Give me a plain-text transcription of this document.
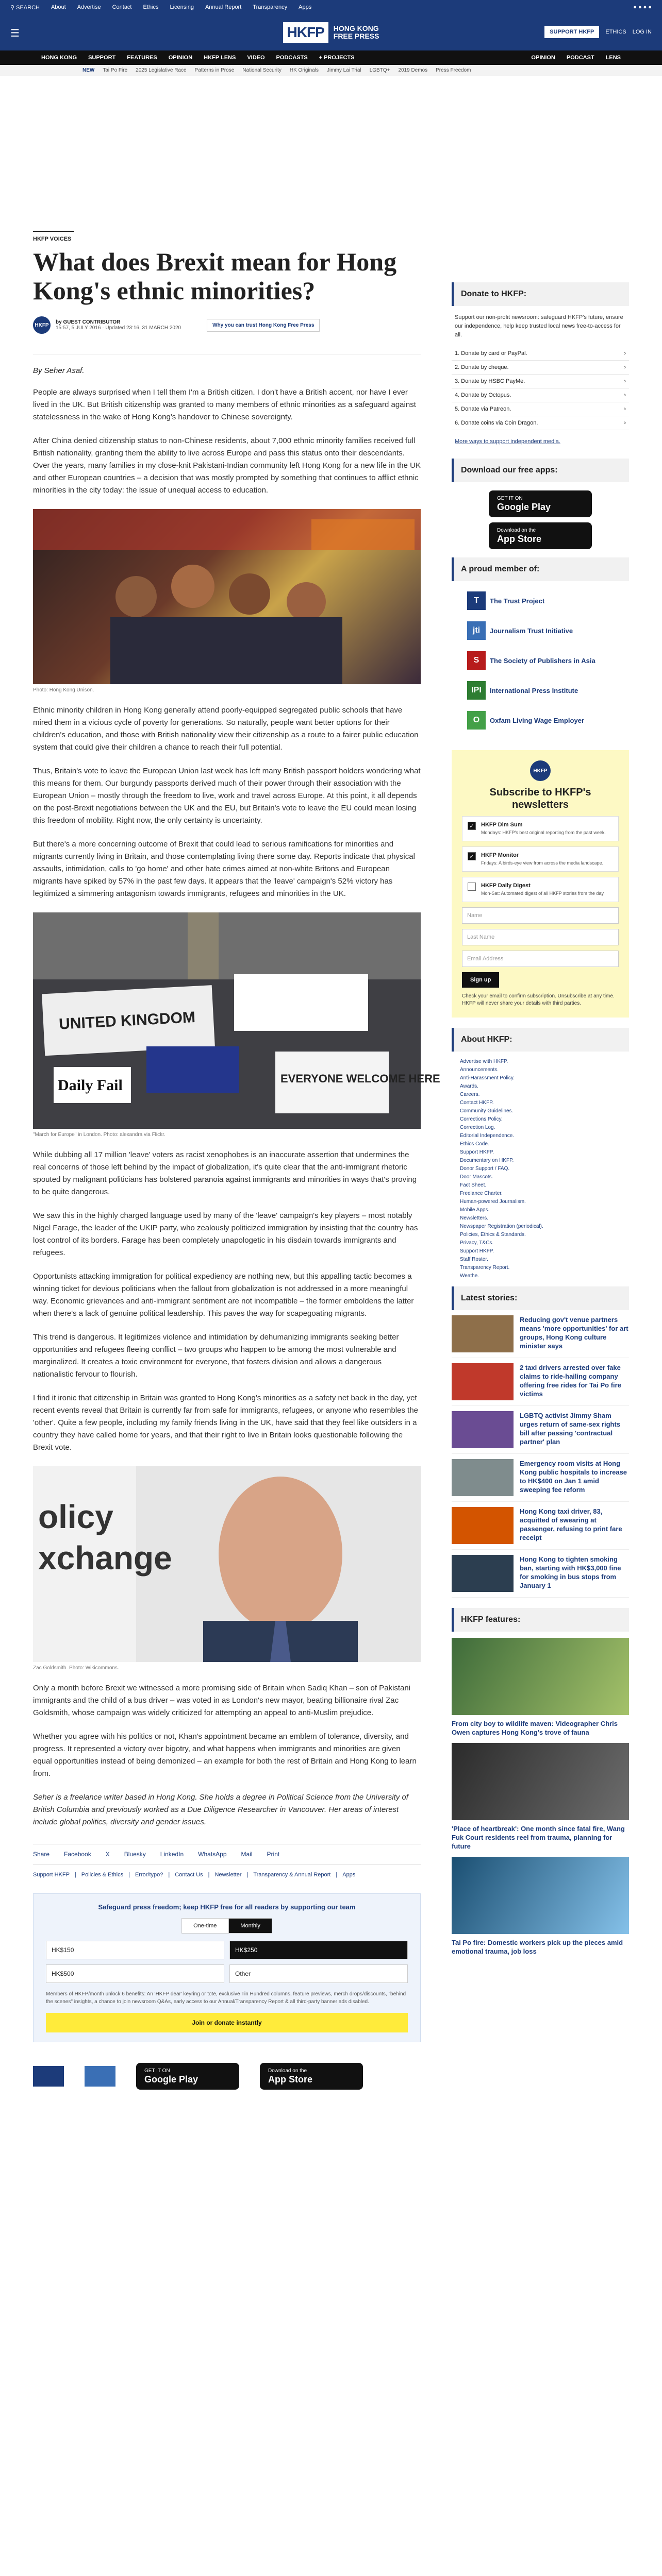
⚲ SEARCH About Advertise Contact Ethics Licensing Annual Report Transparency Apps	● ● ● ●
☰	HKFP	HONG KONG
FREE PRESS	SUPPORT HKFP	ETHICS LOG IN
HONG KONG SUPPORT FEATURES OPINION HKFP LENS VIDEO PODCASTS + PROJECTS	OPINION PODCAST LENS
NEW Tai Po Fire 2025 Legislative Race Patterns in Prose National Security HK Originals Jimmy Lai Trial LGBTQ+ 2019 Demos Press Freedom
HKFP VOICES
What does Brexit mean for Hong Kong's ethnic minorities?
HKFP	by GUEST CONTRIBUTOR
15:57, 5 JULY 2016 · Updated 23:16, 31 MARCH 2020	Why you can trust Hong Kong Free Press
By Seher Asaf.

People are always surprised when I tell them I'm a British citizen. I don't have a British accent, nor have I ever lived in the UK. But British citizenship was granted to many members of ethnic minorities as a safeguard against statelessness in the wake of Hong Kong's handover to Chinese sovereignty.

After China denied citizenship status to non-Chinese residents, about 7,000 ethnic minority families received full British nationality, granting them the ability to live across Europe and pass this status onto their descendants. Over the years, many families in my close-knit Pakistani-Indian community left Hong Kong for a new life in the UK and other European countries – a decision that was mostly prompted by something that continues to afflict ethnic minorities in the city today: the issue of unequal access to education.

Photo: Hong Kong Unison.

Ethnic minority children in Hong Kong generally attend poorly-equipped segregated public schools that have mired them in a vicious cycle of poverty for generations. So naturally, people want better options for their children's education, and those with British nationality view their citizenship as a route to a fairer public education system that could give their children a chance to reach their full potential.

Thus, Britain's vote to leave the European Union last week has left many British passport holders wondering what this means for them. Our burgundy passports derived much of their power through their association with the European Union – mostly through the freedom to live, work and travel across Europe. At this point, it all depends on the post-Brexit negotiations between the UK and the EU, but Britain's vote to leave the EU could mean losing this freedom of mobility. Right now, the only certainty is uncertainty.

But there's a more concerning outcome of Brexit that could lead to serious ramifications for minorities and migrants currently living in Britain, and those contemplating living there some day. Reports indicate that physical assaults, intimidation, calls to 'go home' and other hate crimes aimed at non-white Britons and European migrants have spiked by 57% in the past few days. It appears that the 'leave' campaign's 52% victory has legitimized a simmering antagonism towards immigrants, refugees and minorities in the UK.

UNITED KINGDOM
EVERYONE WELCOME HERE
Daily Fail
"March for Europe" in London. Photo: alexandra via Flickr.

While dubbing all 17 million 'leave' voters as racist xenophobes is an inaccurate assertion that undermines the real concerns of those left behind by the impact of globalization, it's quite clear that the anti-immigrant rhetoric spouted by malignant politicians has bolstered paranoia against immigrants and minorities in ways that's proving to be quite dangerous.

We saw this in the highly charged language used by many of the 'leave' campaign's key players – most notably Nigel Farage, the leader of the UKIP party, who zealously politicized immigration by insisting that the country has lost control of its borders. Farage has been completely unapologetic in his disdain towards immigrants and refugees.

Opportunists attacking immigration for political expediency are nothing new, but this appalling tactic becomes a winning ticket for devious politicians when the fallout from globalization is not addressed in a more meaningful way. Economic grievances and anti-immigrant sentiment are not incompatible – the former emboldens the latter when there's a lack of genuine political leadership. This paves the way for scapegoating migrants.

This trend is dangerous. It legitimizes violence and intimidation by dehumanizing immigrants seeking better opportunities and refugees fleeing conflict – two groups who happen to be among the most vulnerable and marginalized. It creates a toxic environment for everyone, that fosters division and allows a dangerous nationalistic fervour to flourish.

I find it ironic that citizenship in Britain was granted to Hong Kong's minorities as a safety net back in the day, yet recent events reveal that Britain is currently far from safe for immigrants, refugees, or anyone who resembles the 'other'. Quite a few people, including my family friends living in the UK, have said that they feel like outsiders in a country they have called home for years, and that their right to live in Britain looks questionable following the Brexit vote.

olicy
xchange
Zac Goldsmith. Photo: Wikicommons.

Only a month before Brexit we witnessed a more promising side of Britain when Sadiq Khan – son of Pakistani immigrants and the child of a bus driver – was voted in as London's new mayor, beating billionaire rival Zac Goldsmith, whose campaign was widely criticized for attempting an appeal to anti-Muslim prejudice.

Whether you agree with his politics or not, Khan's appointment became an emblem of tolerance, diversity, and progress. It represented a victory over bigotry, and what happens when immigrants and minorities are given equal opportunities instead of being demonized – an example for both the rest of Britain and Hong Kong to learn from.

Seher is a freelance writer based in Hong Kong. She holds a degree in Political Science from the University of British Columbia and previously worked as a Due Diligence Researcher in Vancouver. Her areas of interest include global politics, diversity and gender issues.

Share Facebook X Bluesky LinkedIn WhatsApp Mail Print
Support HKFP | Policies & Ethics | Error/typo? | Contact Us | Newsletter | Transparency & Annual Report | Apps
Safeguard press freedom; keep HKFP free for all readers by supporting our team
One-time	Monthly
HK$150	HK$250
HK$500	Other
Members of HKFP/month unlock 6 benefits: An 'HKFP dear' keyring or tote, exclusive Tin Hundred columns, feature previews, merch drops/discounts, "behind the scenes" insights, a chance to join newsroom Q&As, early access to our Annual/Transparency Report & all third-party banner ads disabled.
Join or donate instantly
GET IT ON
Google Play
Download on the
App Store
Donate to HKFP:
Support our non-profit newsroom: safeguard HKFP's future, ensure our independence, help keep trusted local news free-to-access for all.
1. Donate by card or PayPal.	›
2. Donate by cheque.	›
3. Donate by HSBC PayMe.	›
4. Donate by Octopus.	›
5. Donate via Patreon.	›
6. Donate coins via Coin Dragon.	›
More ways to support independent media.
Download our free apps:
GET IT ON
Google Play
Download on the
App Store
A proud member of:
T	The Trust Project
jti	Journalism Trust Initiative
S	The Society of Publishers in Asia
IPI	International Press Institute
O	Oxfam Living Wage Employer
HKFP
Subscribe to HKFP's newsletters
✓	HKFP Dim Sum
Mondays: HKFP's best original reporting from the past week.
✓	HKFP Monitor
Fridays: A birds-eye view from across the media landscape.
HKFP Daily Digest
Mon-Sat: Automated digest of all HKFP stories from the day.
Name
Last Name
Email Address
Sign up
Check your email to confirm subscription. Unsubscribe at any time. HKFP will never share your details with third parties.
About HKFP:
Advertise with HKFP.
Announcements.
Anti-Harassment Policy.
Awards.
Careers.
Contact HKFP.
Community Guidelines.
Corrections Policy.
Correction Log.
Editorial Independence.
Ethics Code.
Support HKFP.
Documentary on HKFP.
Donor Support / FAQ.
Door Mascots.
Fact Sheet.
Freelance Charter.
Human-powered Journalism.
Mobile Apps.
Newsletters.
Newspaper Registration (periodical).
Policies, Ethics & Standards.
Privacy, T&Cs.
Support HKFP.
Staff Roster.
Transparency Report.
Weathe.
Latest stories:
Reducing gov't venue partners means 'more opportunities' for art groups, Hong Kong culture minister says
2 taxi drivers arrested over fake claims to ride-hailing company offering free rides for Tai Po fire victims
LGBTQ activist Jimmy Sham urges return of same-sex rights bill after passing 'contractual partner' plan
Emergency room visits at Hong Kong public hospitals to increase to HK$400 on Jan 1 amid sweeping fee reform
Hong Kong taxi driver, 83, acquitted of swearing at passenger, refusing to print fare receipt
Hong Kong to tighten smoking ban, starting with HK$3,000 fine for smoking in bus stops from January 1
HKFP features:
From city boy to wildlife maven: Videographer Chris Owen captures Hong Kong's trove of fauna
'Place of heartbreak': One month since fatal fire, Wang Fuk Court residents reel from trauma, planning for future
Tai Po fire: Domestic workers pick up the pieces amid emotional trauma, job loss
